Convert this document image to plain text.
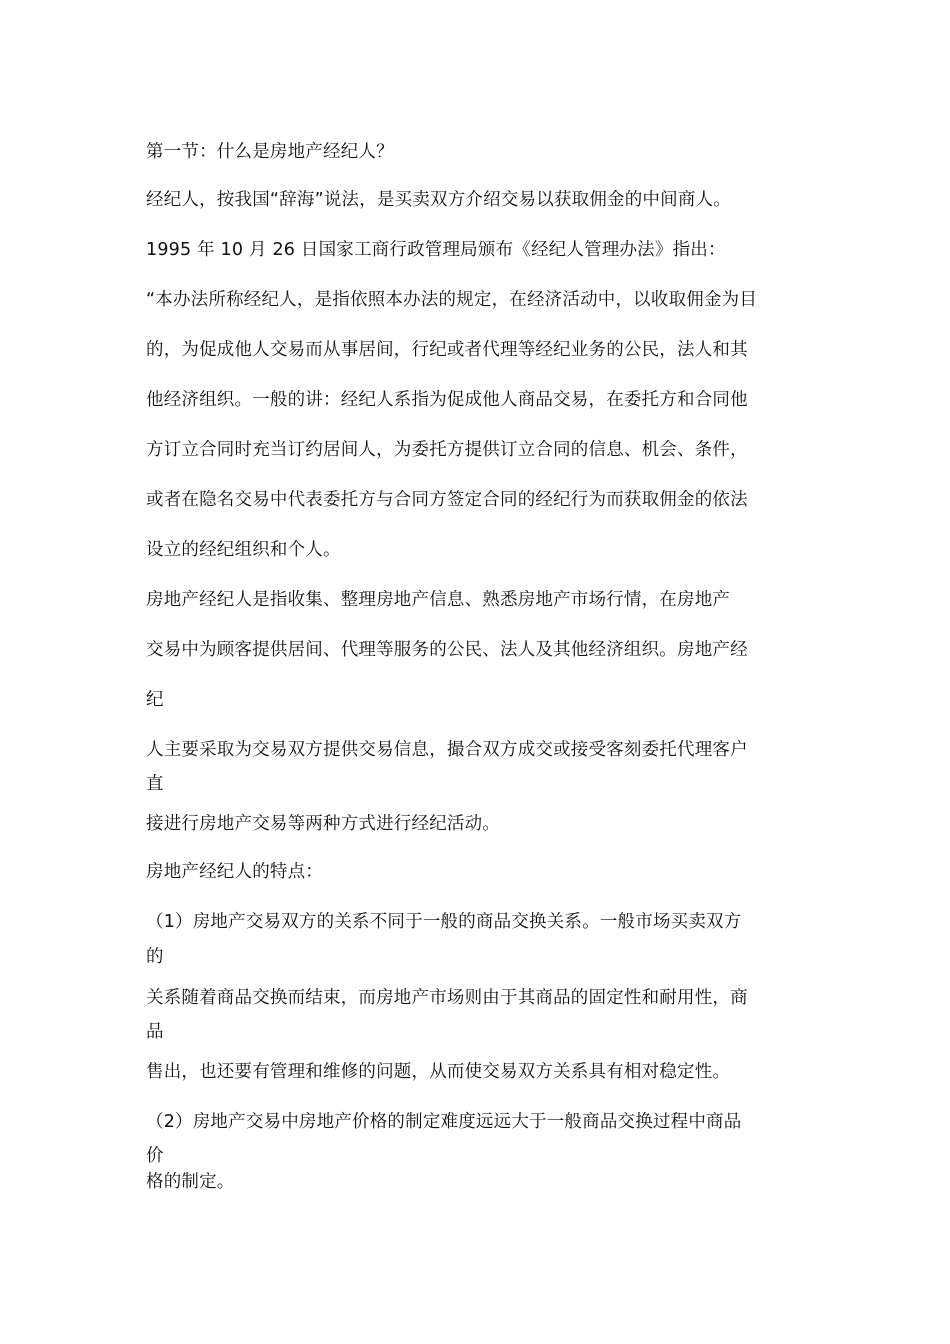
第一节：什么是房地产经纪人？
经纪人，按我国“辞海”说法，是买卖双方介绍交易以获取佣金的中间商人。
1995 年 10 月 26 日国家工商行政管理局颁布《经纪人管理办法》指出：
“本办法所称经纪人，是指依照本办法的规定，在经济活动中，以收取佣金为目
的，为促成他人交易而从事居间，行纪或者代理等经纪业务的公民，法人和其
他经济组织。一般的讲：经纪人系指为促成他人商品交易，在委托方和合同他
方订立合同时充当订约居间人，为委托方提供订立合同的信息、机会、条件，
或者在隐名交易中代表委托方与合同方签定合同的经纪行为而获取佣金的依法
设立的经纪组织和个人。
房地产经纪人是指收集、整理房地产信息、熟悉房地产市场行情，在房地产
交易中为顾客提供居间、代理等服务的公民、法人及其他经济组织。房地产经
纪
人主要采取为交易双方提供交易信息，撮合双方成交或接受客刻委托代理客户
直
接进行房地产交易等两种方式进行经纪活动。
房地产经纪人的特点：
（1）房地产交易双方的关系不同于一般的商品交换关系。一般市场买卖双方
的
关系随着商品交换而结束，而房地产市场则由于其商品的固定性和耐用性，商
品
售出，也还要有管理和维修的问题，从而使交易双方关系具有相对稳定性。
（2）房地产交易中房地产价格的制定难度远远大于一般商品交换过程中商品
价
格的制定。
